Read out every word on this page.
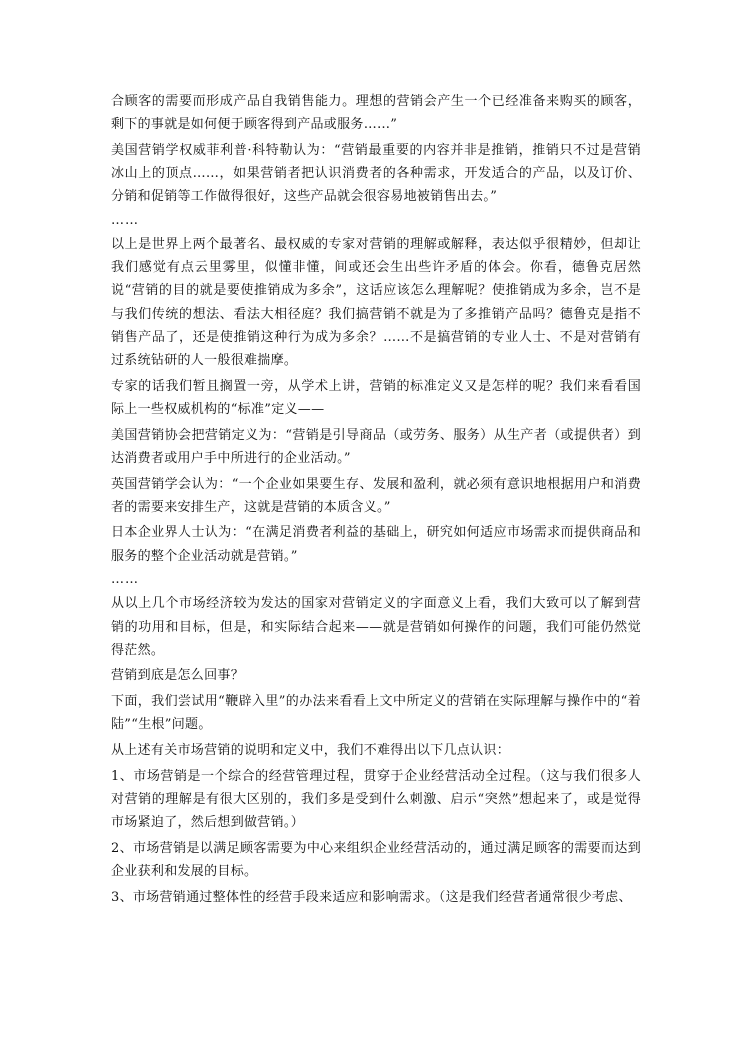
合顾客的需要而形成产品自我销售能力。理想的营销会产生一个已经准备来购买的顾客，剩下的事就是如何便于顾客得到产品或服务……”

美国营销学权威菲利普·科特勒认为：“营销最重要的内容并非是推销，推销只不过是营销冰山上的顶点……，如果营销者把认识消费者的各种需求，开发适合的产品，以及订价、分销和促销等工作做得很好，这些产品就会很容易地被销售出去。”

……

以上是世界上两个最著名、最权威的专家对营销的理解或解释，表达似乎很精妙，但却让我们感觉有点云里雾里，似懂非懂，间或还会生出些许矛盾的体会。你看，德鲁克居然说“营销的目的就是要使推销成为多余”，这话应该怎么理解呢？使推销成为多余，岂不是与我们传统的想法、看法大相径庭？我们搞营销不就是为了多推销产品吗？德鲁克是指不销售产品了，还是使推销这种行为成为多余？……不是搞营销的专业人士、不是对营销有过系统钻研的人一般很难揣摩。

专家的话我们暂且搁置一旁，从学术上讲，营销的标准定义又是怎样的呢？我们来看看国际上一些权威机构的“标准”定义——

美国营销协会把营销定义为：“营销是引导商品（或劳务、服务）从生产者（或提供者）到达消费者或用户手中所进行的企业活动。”

英国营销学会认为：“一个企业如果要生存、发展和盈利，就必须有意识地根据用户和消费者的需要来安排生产，这就是营销的本质含义。”

日本企业界人士认为：“在满足消费者利益的基础上，研究如何适应市场需求而提供商品和服务的整个企业活动就是营销。”

……

从以上几个市场经济较为发达的国家对营销定义的字面意义上看，我们大致可以了解到营销的功用和目标，但是，和实际结合起来——就是营销如何操作的问题，我们可能仍然觉得茫然。

营销到底是怎么回事？

下面，我们尝试用“鞭辟入里”的办法来看看上文中所定义的营销在实际理解与操作中的“着陆”“生根”问题。

从上述有关市场营销的说明和定义中，我们不难得出以下几点认识：

1、市场营销是一个综合的经营管理过程，贯穿于企业经营活动全过程。（这与我们很多人对营销的理解是有很大区别的，我们多是受到什么刺激、启示“突然”想起来了，或是觉得市场紧迫了，然后想到做营销。）

2、市场营销是以满足顾客需要为中心来组织企业经营活动的，通过满足顾客的需要而达到企业获利和发展的目标。

3、市场营销通过整体性的经营手段来适应和影响需求。（这是我们经营者通常很少考虑、
